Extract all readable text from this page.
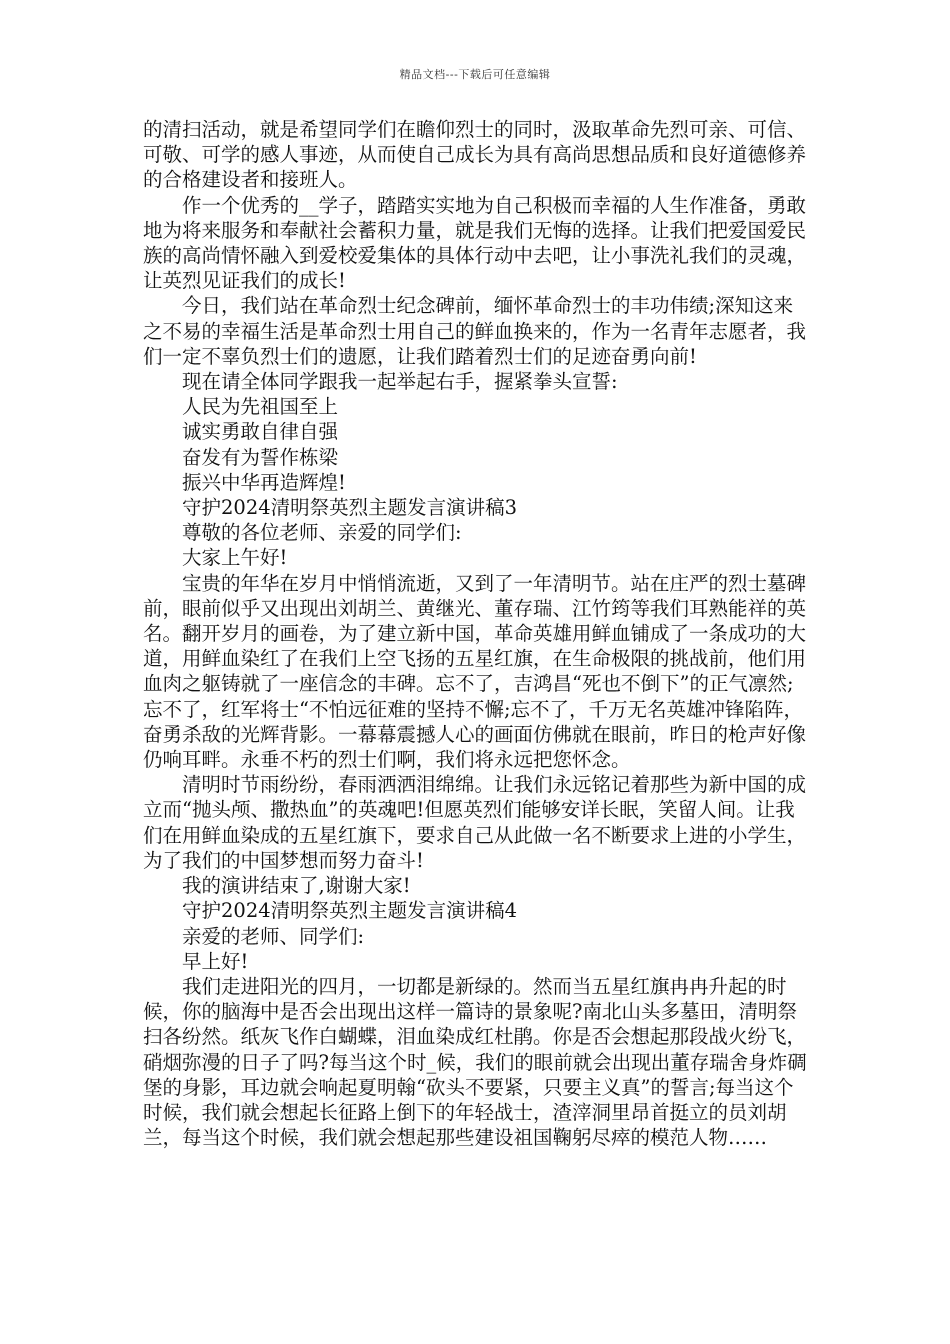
精品文档---下载后可任意编辑

的清扫活动，就是希望同学们在瞻仰烈士的同时，汲取革命先烈可亲、可信、可敬、可学的感人事迹，从而使自己成长为具有高尚思想品质和良好道德修养的合格建设者和接班人。

作一个优秀的__学子，踏踏实实地为自己积极而幸福的人生作准备，勇敢地为将来服务和奉献社会蓄积力量，就是我们无悔的选择。让我们把爱国爱民族的高尚情怀融入到爱校爱集体的具体行动中去吧，让小事洗礼我们的灵魂，让英烈见证我们的成长!

今日，我们站在革命烈士纪念碑前，缅怀革命烈士的丰功伟绩;深知这来之不易的幸福生活是革命烈士用自己的鲜血换来的，作为一名青年志愿者，我们一定不辜负烈士们的遗愿，让我们踏着烈士们的足迹奋勇向前!

现在请全体同学跟我一起举起右手，握紧拳头宣誓:

人民为先祖国至上

诚实勇敢自律自强

奋发有为誓作栋梁

振兴中华再造辉煌!

守护2024清明祭英烈主题发言演讲稿3

尊敬的各位老师、亲爱的同学们:

大家上午好!

宝贵的年华在岁月中悄悄流逝，又到了一年清明节。站在庄严的烈士墓碑前，眼前似乎又出现出刘胡兰、黄继光、董存瑞、江竹筠等我们耳熟能祥的英名。翻开岁月的画卷，为了建立新中国，革命英雄用鲜血铺成了一条成功的大道，用鲜血染红了在我们上空飞扬的五星红旗，在生命极限的挑战前，他们用血肉之躯铸就了一座信念的丰碑。忘不了，吉鸿昌“死也不倒下”的正气凛然;忘不了，红军将士“不怕远征难的坚持不懈;忘不了，千万无名英雄冲锋陷阵，奋勇杀敌的光辉背影。一幕幕震撼人心的画面仿佛就在眼前，昨日的枪声好像仍响耳畔。永垂不朽的烈士们啊，我们将永远把您怀念。

清明时节雨纷纷，春雨洒洒泪绵绵。让我们永远铭记着那些为新中国的成立而“抛头颅、撒热血”的英魂吧!但愿英烈们能够安详长眠，笑留人间。让我们在用鲜血染成的五星红旗下，要求自己从此做一名不断要求上进的小学生，为了我们的中国梦想而努力奋斗!

我的演讲结束了,谢谢大家!

守护2024清明祭英烈主题发言演讲稿4

亲爱的老师、同学们:

早上好!

我们走进阳光的四月，一切都是新绿的。然而当五星红旗冉冉升起的时候，你的脑海中是否会出现出这样一篇诗的景象呢?南北山头多墓田，清明祭扫各纷然。纸灰飞作白蝴蝶，泪血染成红杜鹃。你是否会想起那段战火纷飞，硝烟弥漫的日子了吗?每当这个时_候，我们的眼前就会出现出董存瑞舍身炸碉堡的身影，耳边就会响起夏明翰“砍头不要紧，只要主义真”的誓言;每当这个时候，我们就会想起长征路上倒下的年轻战士，渣滓洞里昂首挺立的员刘胡兰，每当这个时候，我们就会想起那些建设祖国鞠躬尽瘁的模范人物……
